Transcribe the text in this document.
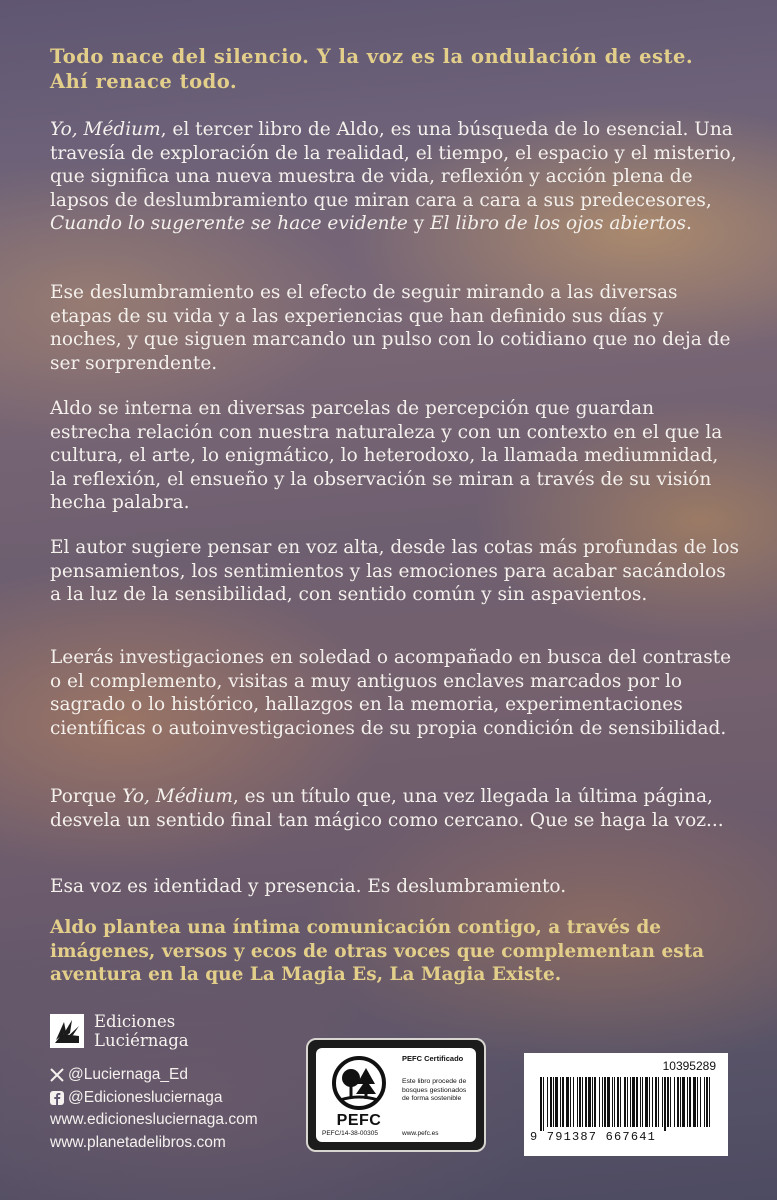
Todo nace del silencio. Y la voz es la ondulación de este.

Ahí renace todo.

Yo, Médium, el tercer libro de Aldo, es una búsqueda de lo esencial. Una travesía de exploración de la realidad, el tiempo, el espacio y el misterio, que significa una nueva muestra de vida, reflexión y acción plena de lapsos de deslumbramiento que miran cara a cara a sus predecesores, Cuando lo sugerente se hace evidente y El libro de los ojos abiertos.

Ese deslumbramiento es el efecto de seguir mirando a las diversas etapas de su vida y a las experiencias que han definido sus días y noches, y que siguen marcando un pulso con lo cotidiano que no deja de ser sorprendente.

Aldo se interna en diversas parcelas de percepción que guardan estrecha relación con nuestra naturaleza y con un contexto en el que la cultura, el arte, lo enigmático, lo heterodoxo, la llamada mediumnidad, la reflexión, el ensueño y la observación se miran a través de su visión hecha palabra.

El autor sugiere pensar en voz alta, desde las cotas más profundas de los pensamientos, los sentimientos y las emociones para acabar sacándolos a la luz de la sensibilidad, con sentido común y sin aspavientos.

Leerás investigaciones en soledad o acompañado en busca del contraste o el complemento, visitas a muy antiguos enclaves marcados por lo sagrado o lo histórico, hallazgos en la memoria, experimentaciones científicas o autoinvestigaciones de su propia condición de sensibilidad.

Porque Yo, Médium, es un título que, una vez llegada la última página, desvela un sentido final tan mágico como cercano. Que se haga la voz...

Esa voz es identidad y presencia. Es deslumbramiento.

Aldo plantea una íntima comunicación contigo, a través de imágenes, versos y ecos de otras voces que complementan esta aventura en la que La Magia Es, La Magia Existe.

Ediciones
Luciérnaga
@Luciernaga_Ed
@Edicionesluciernaga
www.edicionesluciernaga.com
www.planetadelibros.com
PEFC
PEFC/14-38-00305
PEFC Certificado
Este libro procede de bosques gestionados de forma sostenible
www.pefc.es
10395289
9 791387 667641
